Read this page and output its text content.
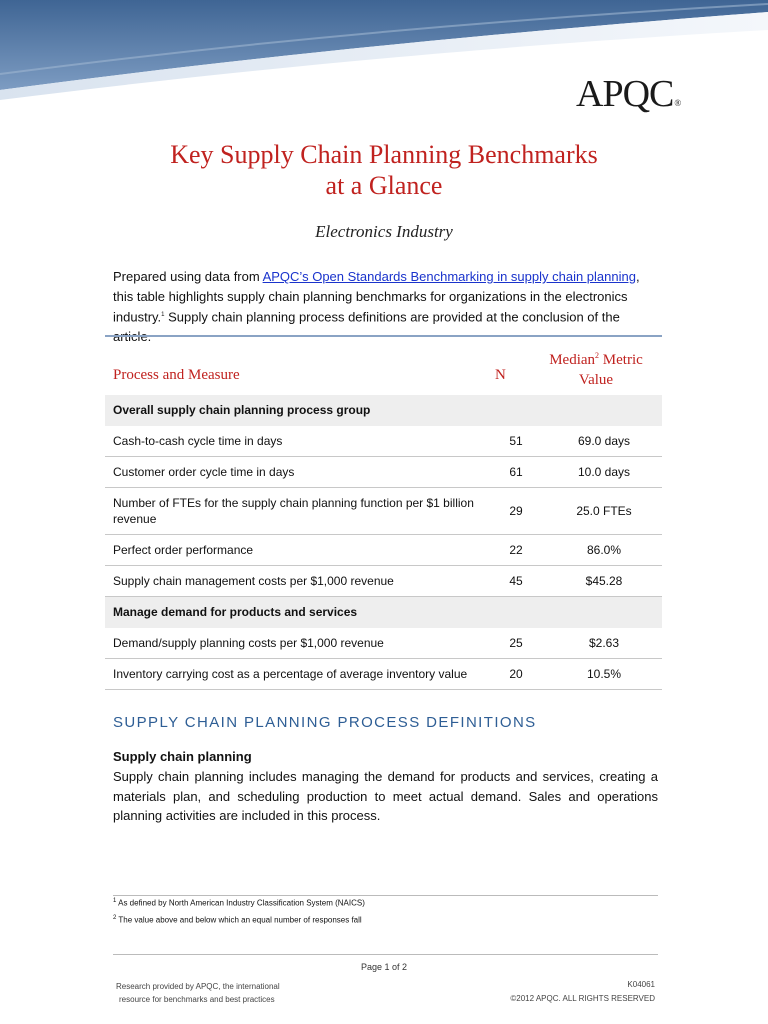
APQC®
Key Supply Chain Planning Benchmarks
at a Glance
Electronics Industry
Prepared using data from APQC’s Open Standards Benchmarking in supply chain planning, this table highlights supply chain planning benchmarks for organizations in the electronics industry.$^1$ Supply chain planning process definitions are provided at the conclusion of the
Process and Measure	N
Median$^2$ Metric
Value
Overall supply chain planning process group		
Cash-to-cash cycle time in days	51	69.0 days
Customer order cycle time in days	61	10.0 days
Number of FTEs for the supply chain planning function per $1 billion revenue	29	25.0 FTEs
Perfect order performance	22	86.0%
Supply chain management costs per $1,000 revenue	45	$45.28
Manage demand for products and services		
Demand/supply planning costs per $1,000 revenue	25	$2.63
Inventory carrying cost as a percentage of average inventory value	20	10.5%
SUPPLY CHAIN PLANNING PROCESS DEFINITIONS
Supply chain planning
Supply chain planning includes managing the demand for products and services, creating a materials plan, and scheduling production to meet actual demand. Sales and operations planning activities are included in this process.
$^1$ As defined by North American Industry Classification System (NAICS)
$^2$ The value above and below which an equal number of responses fall
Page 1 of 2
Research provided by APQC, the international
resource for benchmarks and best practices
K04061
©2012 APQC. ALL RIGHTS RESERVED
